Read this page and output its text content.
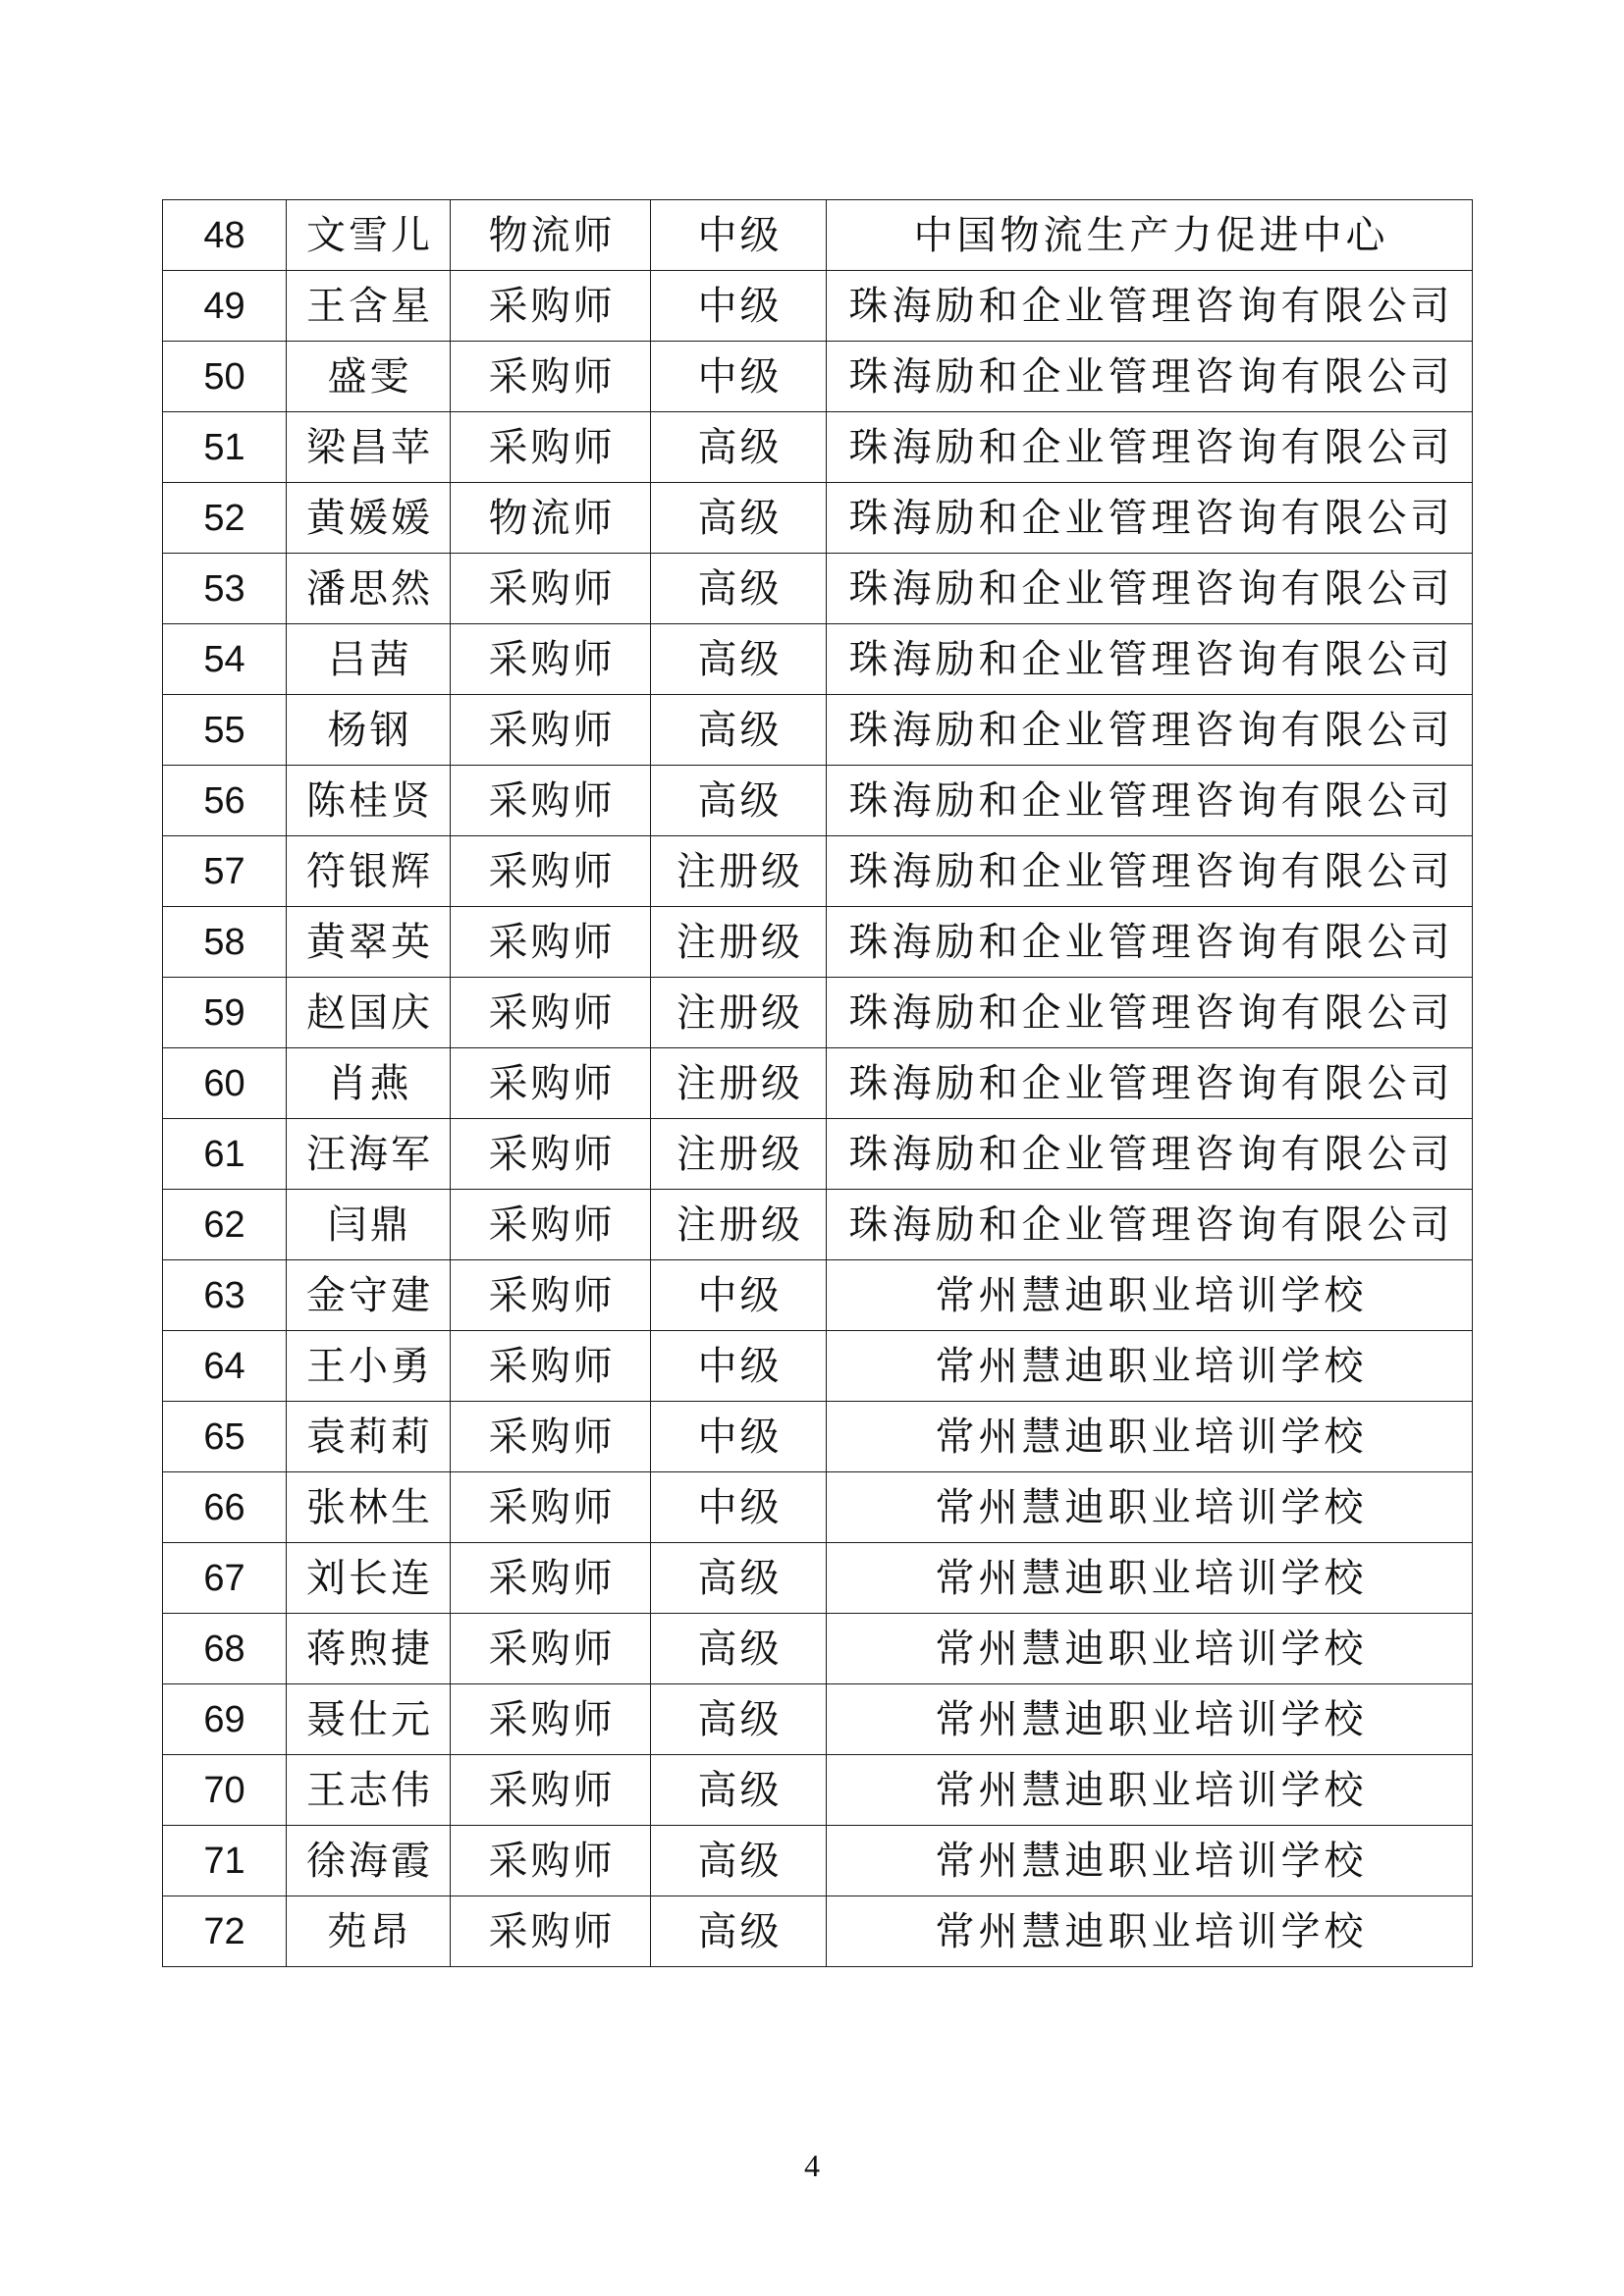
48	文雪儿	物流师	中级	中国物流生产力促进中心
49	王含星	采购师	中级	珠海励和企业管理咨询有限公司
50	盛雯	采购师	中级	珠海励和企业管理咨询有限公司
51	梁昌苹	采购师	高级	珠海励和企业管理咨询有限公司
52	黄媛媛	物流师	高级	珠海励和企业管理咨询有限公司
53	潘思然	采购师	高级	珠海励和企业管理咨询有限公司
54	吕茜	采购师	高级	珠海励和企业管理咨询有限公司
55	杨钢	采购师	高级	珠海励和企业管理咨询有限公司
56	陈桂贤	采购师	高级	珠海励和企业管理咨询有限公司
57	符银辉	采购师	注册级	珠海励和企业管理咨询有限公司
58	黄翠英	采购师	注册级	珠海励和企业管理咨询有限公司
59	赵国庆	采购师	注册级	珠海励和企业管理咨询有限公司
60	肖燕	采购师	注册级	珠海励和企业管理咨询有限公司
61	汪海军	采购师	注册级	珠海励和企业管理咨询有限公司
62	闫鼎	采购师	注册级	珠海励和企业管理咨询有限公司
63	金守建	采购师	中级	常州慧迪职业培训学校
64	王小勇	采购师	中级	常州慧迪职业培训学校
65	袁莉莉	采购师	中级	常州慧迪职业培训学校
66	张林生	采购师	中级	常州慧迪职业培训学校
67	刘长连	采购师	高级	常州慧迪职业培训学校
68	蒋煦捷	采购师	高级	常州慧迪职业培训学校
69	聂仕元	采购师	高级	常州慧迪职业培训学校
70	王志伟	采购师	高级	常州慧迪职业培训学校
71	徐海霞	采购师	高级	常州慧迪职业培训学校
72	苑昂	采购师	高级	常州慧迪职业培训学校
4
